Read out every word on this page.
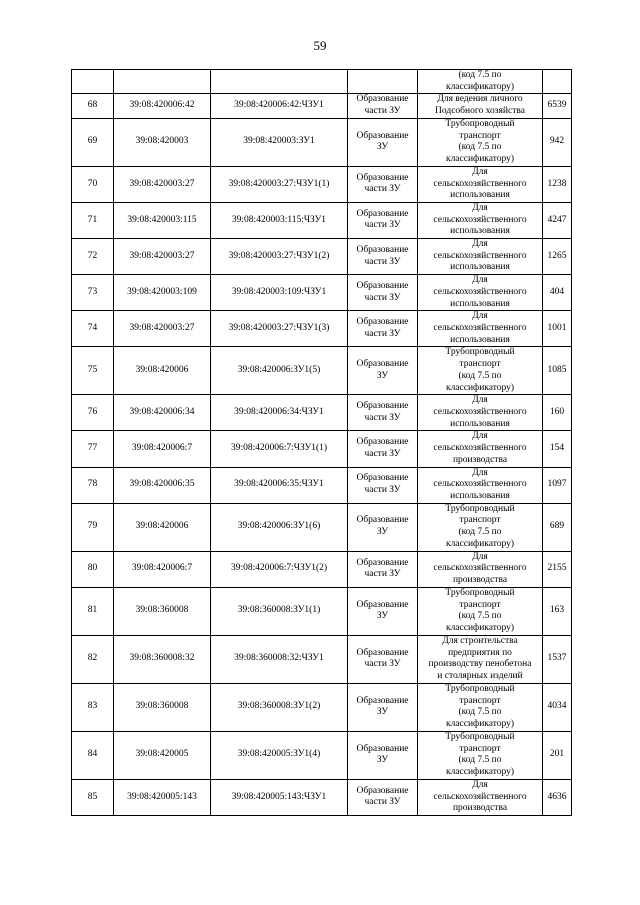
59

				(код 7.5 по
классификатору)	

68	39:08:420006:42	39:08:420006:42:ЧЗУ1	Образование
части ЗУ	Для ведения личного
Подсобного хозяйства	6539
69	39:08:420003	39:08:420003:ЗУ1	Образование
ЗУ	Трубопроводный
транспорт
(код 7.5 по
классификатору)	942
70	39:08:420003:27	39:08:420003:27:ЧЗУ1(1)	Образование
части ЗУ	Для
сельскохозяйственного
использования	1238
71	39:08:420003:115	39:08:420003:115:ЧЗУ1	Образование
части ЗУ	Для
сельскохозяйственного
использования	4247
72	39:08:420003:27	39:08:420003:27:ЧЗУ1(2)	Образование
части ЗУ	Для
сельскохозяйственного
использования	1265
73	39:08:420003:109	39:08:420003:109:ЧЗУ1	Образование
части ЗУ	Для
сельскохозяйственного
использования	404
74	39:08:420003:27	39:08:420003:27:ЧЗУ1(3)	Образование
части ЗУ	Для
сельскохозяйственного
использования	1001
75	39:08:420006	39:08:420006:ЗУ1(5)	Образование
ЗУ	Трубопроводный
транспорт
(код 7.5 по
классификатору)	1085
76	39:08:420006:34	39:08:420006:34:ЧЗУ1	Образование
части ЗУ	Для
сельскохозяйственного
использования	160
77	39:08:420006:7	39:08:420006:7:ЧЗУ1(1)	Образование
части ЗУ	Для
сельскохозяйственного
производства	154
78	39:08:420006:35	39:08:420006:35:ЧЗУ1	Образование
части ЗУ	Для
сельскохозяйственного
использования	1097
79	39:08:420006	39:08:420006:ЗУ1(6)	Образование
ЗУ	Трубопроводный
транспорт
(код 7.5 по
классификатору)	689
80	39:08:420006:7	39:08:420006:7:ЧЗУ1(2)	Образование
части ЗУ	Для
сельскохозяйственного
производства	2155
81	39:08:360008	39:08:360008:ЗУ1(1)	Образование
ЗУ	Трубопроводный
транспорт
(код 7.5 по
классификатору)	163
82	39:08:360008:32	39:08:360008:32:ЧЗУ1	Образование
части ЗУ	Для строительства
предприятия по
производству пенобетона
и столярных изделий	1537
83	39:08:360008	39:08:360008:ЗУ1(2)	Образование
ЗУ	Трубопроводный
транспорт
(код 7.5 по
классификатору)	4034
84	39:08:420005	39:08:420005:ЗУ1(4)	Образование
ЗУ	Трубопроводный
транспорт
(код 7.5 по
классификатору)	201
85	39:08:420005:143	39:08:420005:143:ЧЗУ1	Образование
части ЗУ	Для
сельскохозяйственного
производства	4636
